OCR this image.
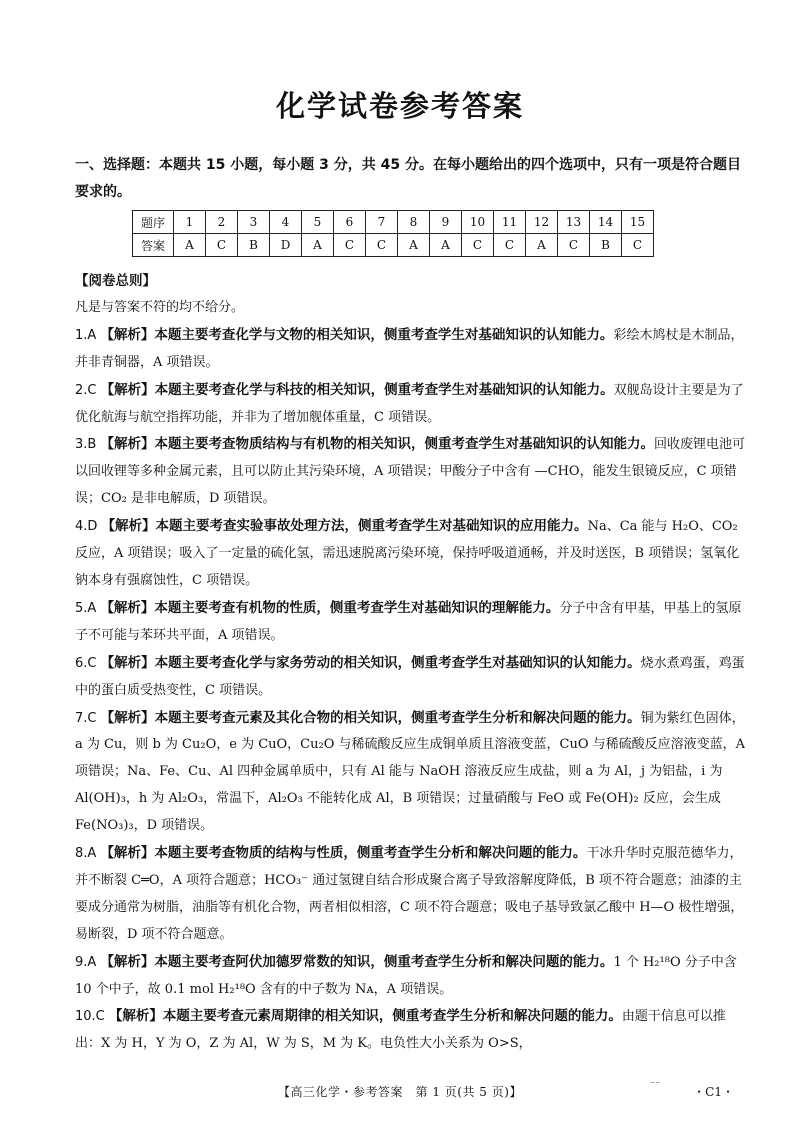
化学试卷参考答案
一、选择题：本题共 15 小题，每小题 3 分，共 45 分。在每小题给出的四个选项中，只有一项是符合题目要求的。
题序	1	2	3	4	5	6	7	8	9	10	11	12	13	14	15
答案	A	C	B	D	A	C	C	A	A	C	C	A	C	B	C
【阅卷总则】
凡是与答案不符的均不给分。

1.A 【解析】本题主要考查化学与文物的相关知识，侧重考查学生对基础知识的认知能力。彩绘木鸠杖是木制品，并非青铜器，A 项错误。

2.C 【解析】本题主要考查化学与科技的相关知识，侧重考查学生对基础知识的认知能力。双舰岛设计主要是为了优化航海与航空指挥功能，并非为了增加舰体重量，C 项错误。

3.B 【解析】本题主要考查物质结构与有机物的相关知识，侧重考查学生对基础知识的认知能力。回收废锂电池可以回收锂等多种金属元素，且可以防止其污染环境，A 项错误；甲酸分子中含有 —CHO，能发生银镜反应，C 项错误；CO₂ 是非电解质，D 项错误。

4.D 【解析】本题主要考查实验事故处理方法，侧重考查学生对基础知识的应用能力。Na、Ca 能与 H₂O、CO₂ 反应，A 项错误；吸入了一定量的硫化氢，需迅速脱离污染环境，保持呼吸道通畅，并及时送医，B 项错误；氢氧化钠本身有强腐蚀性，C 项错误。

5.A 【解析】本题主要考查有机物的性质，侧重考查学生对基础知识的理解能力。分子中含有甲基，甲基上的氢原子不可能与苯环共平面，A 项错误。

6.C 【解析】本题主要考查化学与家务劳动的相关知识，侧重考查学生对基础知识的认知能力。烧水煮鸡蛋，鸡蛋中的蛋白质受热变性，C 项错误。

7.C 【解析】本题主要考查元素及其化合物的相关知识，侧重考查学生分析和解决问题的能力。铜为紫红色固体，a 为 Cu，则 b 为 Cu₂O，e 为 CuO，Cu₂O 与稀硫酸反应生成铜单质且溶液变蓝，CuO 与稀硫酸反应溶液变蓝，A 项错误；Na、Fe、Cu、Al 四种金属单质中，只有 Al 能与 NaOH 溶液反应生成盐，则 a 为 Al，j 为铝盐，i 为 Al(OH)₃，h 为 Al₂O₃，常温下，Al₂O₃ 不能转化成 Al，B 项错误；过量硝酸与 FeO 或 Fe(OH)₂ 反应，会生成 Fe(NO₃)₃，D 项错误。

8.A 【解析】本题主要考查物质的结构与性质，侧重考查学生分析和解决问题的能力。干冰升华时克服范德华力，并不断裂 C═O，A 项符合题意；HCO₃⁻ 通过氢键自结合形成聚合离子导致溶解度降低，B 项不符合题意；油漆的主要成分通常为树脂，油脂等有机化合物，两者相似相溶，C 项不符合题意；吸电子基导致氯乙酸中 H—O 极性增强，易断裂，D 项不符合题意。

9.A 【解析】本题主要考查阿伏加德罗常数的知识，侧重考查学生分析和解决问题的能力。1 个 H₂¹⁸O 分子中含 10 个中子，故 0.1 mol H₂¹⁸O 含有的中子数为 Nᴀ，A 项错误。

10.C 【解析】本题主要考查元素周期律的相关知识，侧重考查学生分析和解决问题的能力。由题干信息可以推出：X 为 H，Y 为 O，Z 为 Al，W 为 S，M 为 K。电负性大小关系为 O>S，

【高三化学・参考答案　第 1 页(共 5 页)】	⁻⁻	・C1・
